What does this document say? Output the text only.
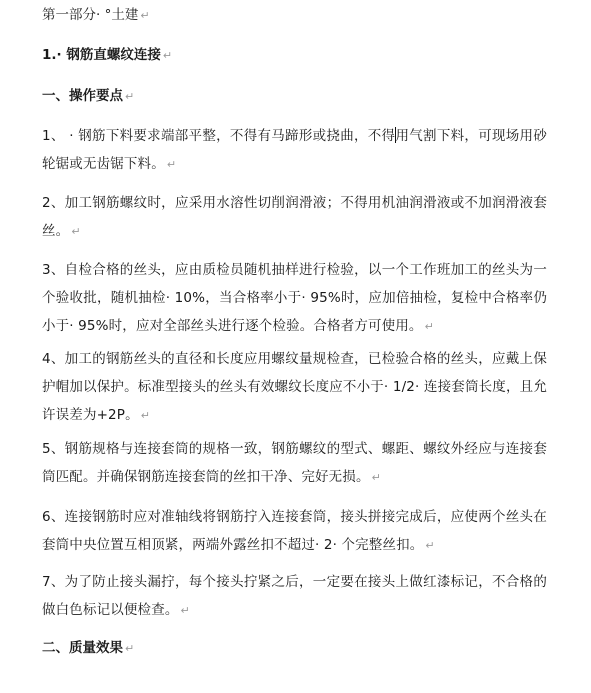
第一部分· °土建 ↵
1.· 钢筋直螺纹连接 ↵
一、操作要点 ↵
1、 · 钢筋下料要求端部平整，不得有马蹄形或挠曲，不得用气割下料，可现场用砂轮锯或无齿锯下料。 ↵
2、加工钢筋螺纹时，应采用水溶性切削润滑液；不得用机油润滑液或不加润滑液套丝。 ↵
3、自检合格的丝头，应由质检员随机抽样进行检验，以一个工作班加工的丝头为一个验收批，随机抽检· 10%，当合格率小于· 95%时，应加倍抽检，复检中合格率仍小于· 95%时，应对全部丝头进行逐个检验。合格者方可使用。 ↵
4、加工的钢筋丝头的直径和长度应用螺纹量规检查，已检验合格的丝头，应戴上保护帽加以保护。标准型接头的丝头有效螺纹长度应不小于· 1/2· 连接套筒长度，且允许误差为+2P。 ↵
5、钢筋规格与连接套筒的规格一致，钢筋螺纹的型式、螺距、螺纹外经应与连接套筒匹配。并确保钢筋连接套筒的丝扣干净、完好无损。 ↵
6、连接钢筋时应对准轴线将钢筋拧入连接套筒，接头拼接完成后，应使两个丝头在套筒中央位置互相顶紧，两端外露丝扣不超过· 2· 个完整丝扣。 ↵
7、为了防止接头漏拧，每个接头拧紧之后，一定要在接头上做红漆标记，不合格的做白色标记以便检查。 ↵
二、质量效果 ↵
